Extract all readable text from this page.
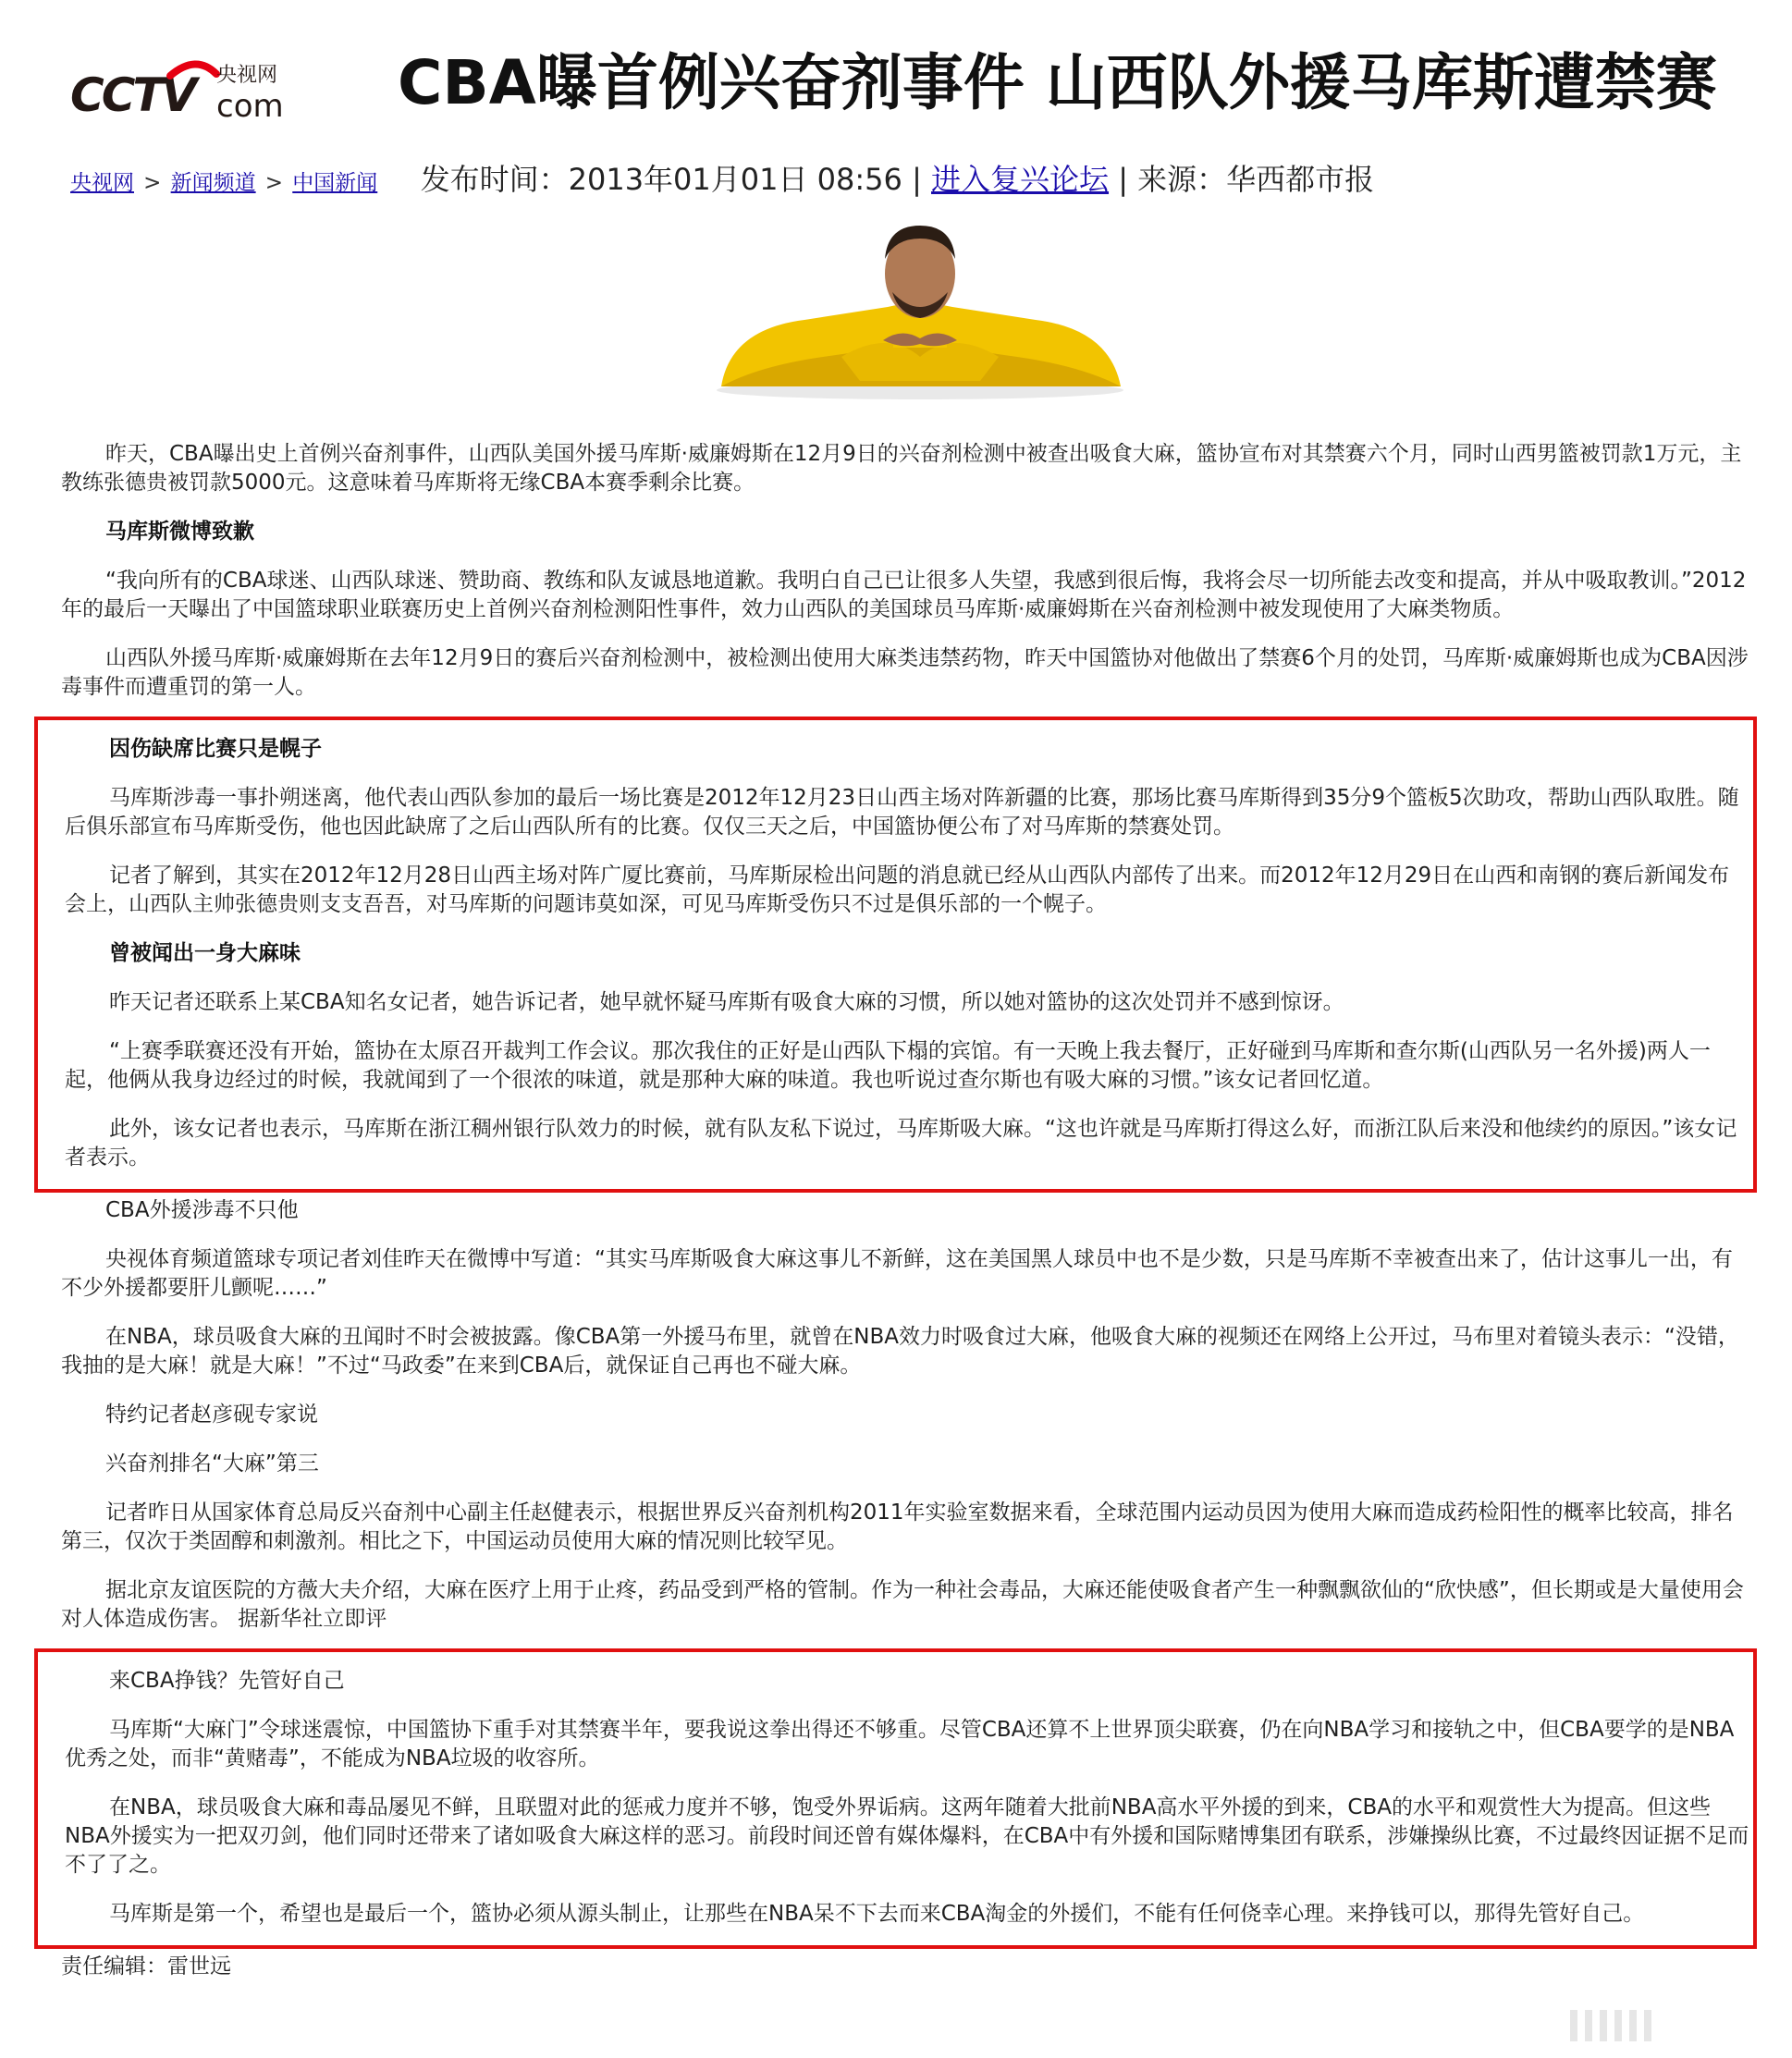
CCTV 央视网
com CBA曝首例兴奋剂事件 山西队外援马库斯遭禁赛
央视网 > 新闻频道 > 中国新闻 发布时间：2013年01月01日 08:56 | 进入复兴论坛 | 来源：华西都市报

昨天，CBA曝出史上首例兴奋剂事件，山西队美国外援马库斯·威廉姆斯在12月9日的兴奋剂检测中被查出吸食大麻，篮协宣布对其禁赛六个月，同时山西男篮被罚款1万元，主教练张德贵被罚款5000元。这意味着马库斯将无缘CBA本赛季剩余比赛。

马库斯微博致歉

“我向所有的CBA球迷、山西队球迷、赞助商、教练和队友诚恳地道歉。我明白自己已让很多人失望，我感到很后悔，我将会尽一切所能去改变和提高，并从中吸取教训。”2012年的最后一天曝出了中国篮球职业联赛历史上首例兴奋剂检测阳性事件，效力山西队的美国球员马库斯·威廉姆斯在兴奋剂检测中被发现使用了大麻类物质。

山西队外援马库斯·威廉姆斯在去年12月9日的赛后兴奋剂检测中，被检测出使用大麻类违禁药物，昨天中国篮协对他做出了禁赛6个月的处罚，马库斯·威廉姆斯也成为CBA因涉毒事件而遭重罚的第一人。

因伤缺席比赛只是幌子

马库斯涉毒一事扑朔迷离，他代表山西队参加的最后一场比赛是2012年12月23日山西主场对阵新疆的比赛，那场比赛马库斯得到35分9个篮板5次助攻，帮助山西队取胜。随后俱乐部宣布马库斯受伤，他也因此缺席了之后山西队所有的比赛。仅仅三天之后，中国篮协便公布了对马库斯的禁赛处罚。

记者了解到，其实在2012年12月28日山西主场对阵广厦比赛前，马库斯尿检出问题的消息就已经从山西队内部传了出来。而2012年12月29日在山西和南钢的赛后新闻发布会上，山西队主帅张德贵则支支吾吾，对马库斯的问题讳莫如深，可见马库斯受伤只不过是俱乐部的一个幌子。

曾被闻出一身大麻味

昨天记者还联系上某CBA知名女记者，她告诉记者，她早就怀疑马库斯有吸食大麻的习惯，所以她对篮协的这次处罚并不感到惊讶。

“上赛季联赛还没有开始，篮协在太原召开裁判工作会议。那次我住的正好是山西队下榻的宾馆。有一天晚上我去餐厅，正好碰到马库斯和查尔斯(山西队另一名外援)两人一起，他俩从我身边经过的时候，我就闻到了一个很浓的味道，就是那种大麻的味道。我也听说过查尔斯也有吸大麻的习惯。”该女记者回忆道。

此外，该女记者也表示，马库斯在浙江稠州银行队效力的时候，就有队友私下说过，马库斯吸大麻。“这也许就是马库斯打得这么好，而浙江队后来没和他续约的原因。”该女记者表示。

CBA外援涉毒不只他

央视体育频道篮球专项记者刘佳昨天在微博中写道：“其实马库斯吸食大麻这事儿不新鲜，这在美国黑人球员中也不是少数，只是马库斯不幸被查出来了，估计这事儿一出，有不少外援都要肝儿颤呢……”

在NBA，球员吸食大麻的丑闻时不时会被披露。像CBA第一外援马布里，就曾在NBA效力时吸食过大麻，他吸食大麻的视频还在网络上公开过，马布里对着镜头表示：“没错，我抽的是大麻！就是大麻！”不过“马政委”在来到CBA后，就保证自己再也不碰大麻。

特约记者赵彦砚专家说

兴奋剂排名“大麻”第三

记者昨日从国家体育总局反兴奋剂中心副主任赵健表示，根据世界反兴奋剂机构2011年实验室数据来看，全球范围内运动员因为使用大麻而造成药检阳性的概率比较高，排名第三，仅次于类固醇和刺激剂。相比之下，中国运动员使用大麻的情况则比较罕见。

据北京友谊医院的方薇大夫介绍，大麻在医疗上用于止疼，药品受到严格的管制。作为一种社会毒品，大麻还能使吸食者产生一种飘飘欲仙的“欣快感”，但长期或是大量使用会对人体造成伤害。 据新华社立即评

来CBA挣钱？先管好自己

马库斯“大麻门”令球迷震惊，中国篮协下重手对其禁赛半年，要我说这拳出得还不够重。尽管CBA还算不上世界顶尖联赛，仍在向NBA学习和接轨之中，但CBA要学的是NBA优秀之处，而非“黄赌毒”，不能成为NBA垃圾的收容所。

在NBA，球员吸食大麻和毒品屡见不鲜，且联盟对此的惩戒力度并不够，饱受外界诟病。这两年随着大批前NBA高水平外援的到来，CBA的水平和观赏性大为提高。但这些NBA外援实为一把双刃剑，他们同时还带来了诸如吸食大麻这样的恶习。前段时间还曾有媒体爆料，在CBA中有外援和国际赌博集团有联系，涉嫌操纵比赛，不过最终因证据不足而不了了之。

马库斯是第一个，希望也是最后一个，篮协必须从源头制止，让那些在NBA呆不下去而来CBA淘金的外援们，不能有任何侥幸心理。来挣钱可以，那得先管好自己。

责任编辑：雷世远
